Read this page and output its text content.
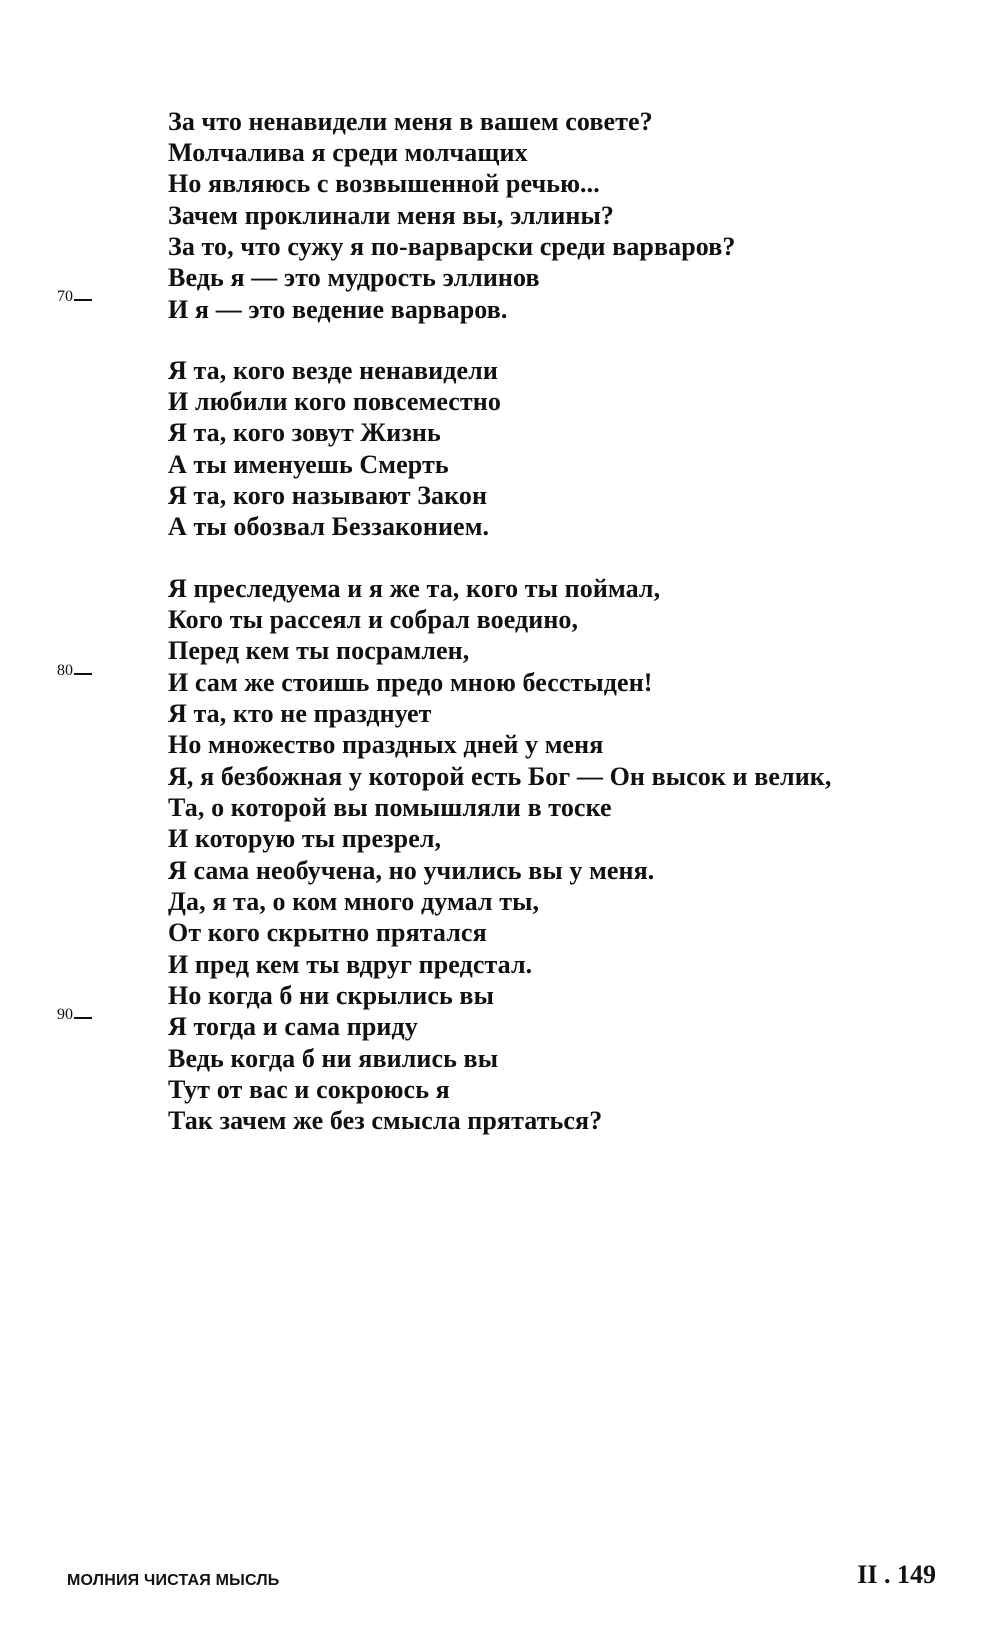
За что ненавидели меня в вашем совете?
Молчалива я среди молчащих
Но являюсь с возвышенной речью...
Зачем проклинали меня вы, эллины?
За то, что сужу я по-варварски среди варваров?
Ведь я — это мудрость эллинов
И я — это ведение варваров.
Я та, кого везде ненавидели
И любили кого повсеместно
Я та, кого зовут Жизнь
А ты именуешь Смерть
Я та, кого называют Закон
А ты обозвал Беззаконием.
Я преследуема и я же та, кого ты поймал,
Кого ты рассеял и собрал воедино,
Перед кем ты посрамлен,
И сам же стоишь предо мною бесстыден!
Я та, кто не празднует
Но множество праздных дней у меня
Я, я безбожная у которой есть Бог — Он высок и велик,
Та, о которой вы помышляли в тоске
И которую ты презрел,
Я сама необучена, но учились вы у меня.
Да, я та, о ком много думал ты,
От кого скрытно прятался
И пред кем ты вдруг предстал.
Но когда б ни скрылись вы
Я тогда и сама приду
Ведь когда б ни явились вы
Тут от вас и сокроюсь я
Так зачем же без смысла прятаться?
70
80
90
МОЛНИЯ ЧИСТАЯ МЫСЛЬ	II . 149
